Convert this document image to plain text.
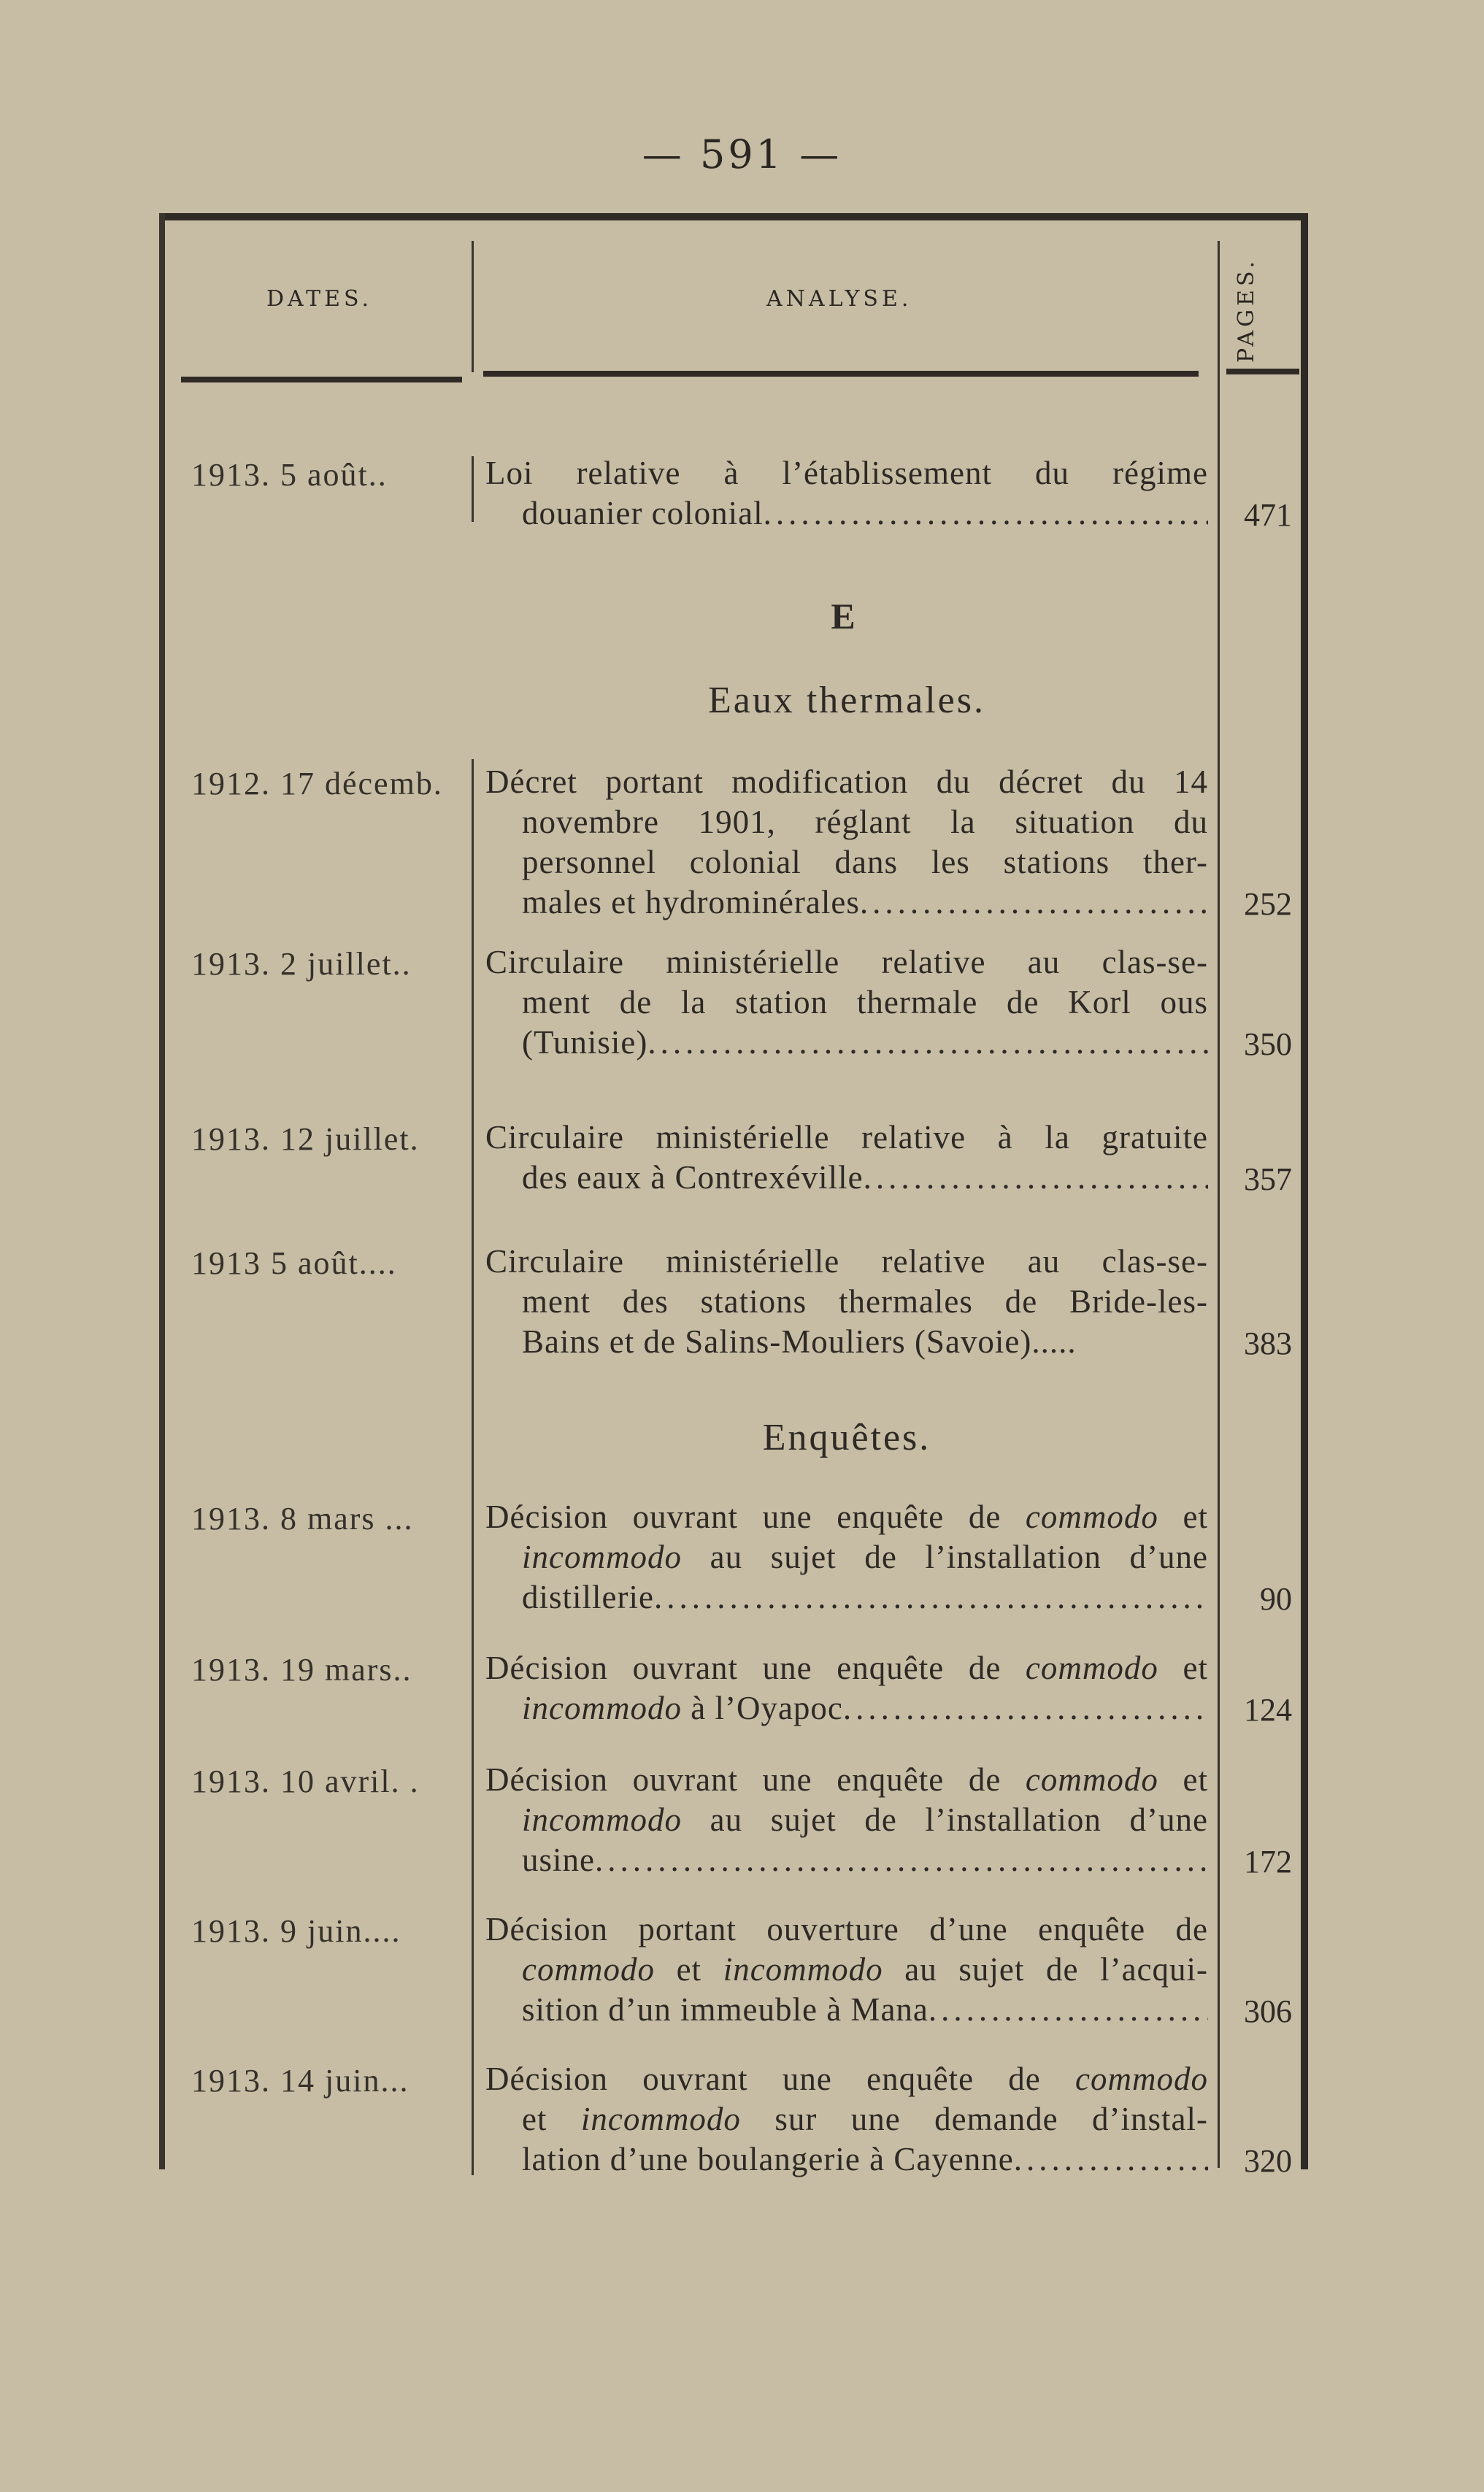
— 591 —
DATES.	ANALYSE.	PAGES.
E
Eaux thermales.
Enquêtes.
1913. 5 août..	Loi relative à l’établissement du régime
douanier colonial .....	471
1912. 17 décemb.	Décret portant modification du décret du 14
novembre 1901, réglant la situation du
personnel colonial dans les stations ther-
males et hydrominérales .....	252
1913. 2 juillet..	Circulaire ministérielle relative au clas-se-
ment de la station thermale de Korl ous
(Tunisie) .....	350
1913. 12 juillet.	Circulaire ministérielle relative à la gratuite
des eaux à Contrexéville .....	357
1913 5 août....	Circulaire ministérielle relative au clas-se-
ment des stations thermales de Bride-les-
Bains et de Salins-Mouliers (Savoie).....	383
1913. 8 mars ...	Décision ouvrant une enquête de commodo et
incommodo au sujet de l’installation d’une
distillerie .....	90
1913. 19 mars..	Décision ouvrant une enquête de commodo et
incommodo à l’Oyapoc .....	124
1913. 10 avril. .	Décision ouvrant une enquête de commodo et
incommodo au sujet de l’installation d’une
usine .....	172
1913. 9 juin....	Décision portant ouverture d’une enquête de
commodo et incommodo au sujet de l’acqui-
sition d’un immeuble à Mana .....	306
1913. 14 juin...	Décision ouvrant une enquête de commodo
et incommodo sur une demande d’instal-
lation d’une boulangerie à Cayenne .....	320
